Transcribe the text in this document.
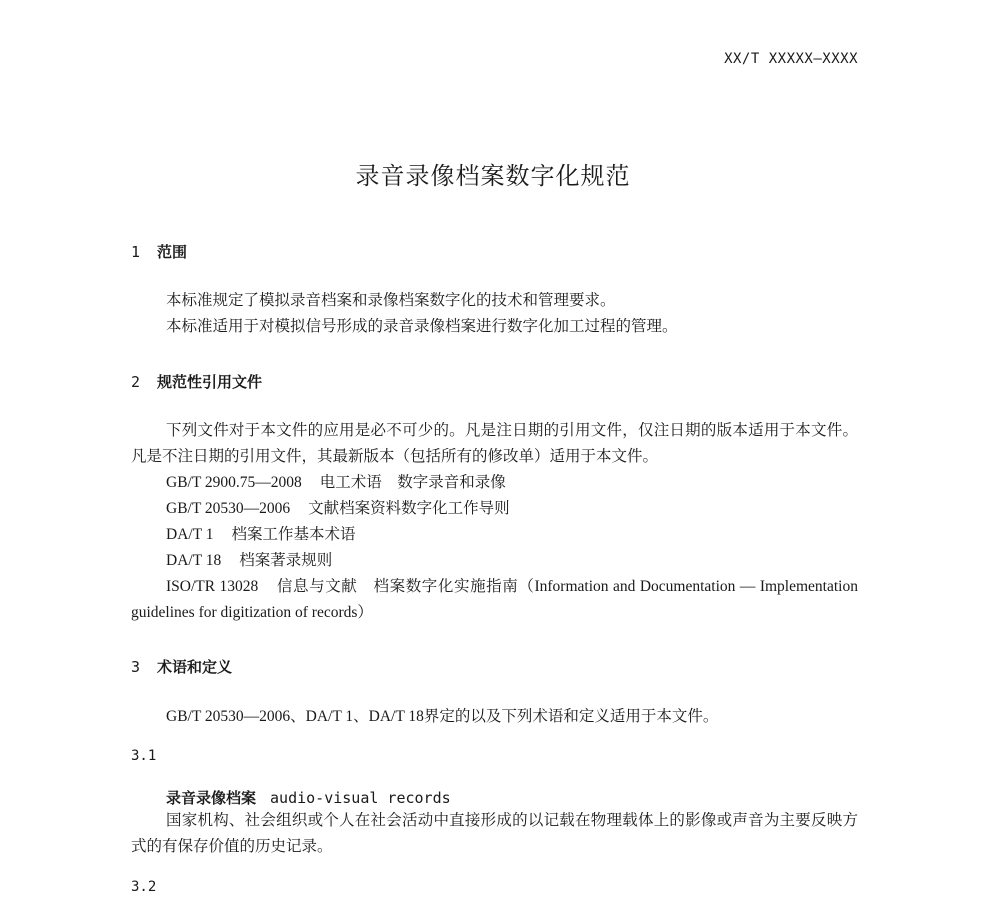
XX/T XXXXX—XXXX
录音录像档案数字化规范
1 范围
本标准规定了模拟录音档案和录像档案数字化的技术和管理要求。
本标准适用于对模拟信号形成的录音录像档案进行数字化加工过程的管理。
2 规范性引用文件
下列文件对于本文件的应用是必不可少的。凡是注日期的引用文件，仅注日期的版本适用于本文件。凡是不注日期的引用文件，其最新版本（包括所有的修改单）适用于本文件。
GB/T 2900.75—2008 电工术语　数字录音和录像
GB/T 20530—2006 文献档案资料数字化工作导则
DA/T 1 档案工作基本术语
DA/T 18 档案著录规则
ISO/TR 13028 信息与文献　档案数字化实施指南（Information and Documentation — Implementation guidelines for digitization of records）
3 术语和定义
GB/T 20530—2006、DA/T 1、DA/T 18界定的以及下列术语和定义适用于本文件。
3.1
录音录像档案 audio-visual records
国家机构、社会组织或个人在社会活动中直接形成的以记载在物理载体上的影像或声音为主要反映方式的有保存价值的历史记录。
3.2
